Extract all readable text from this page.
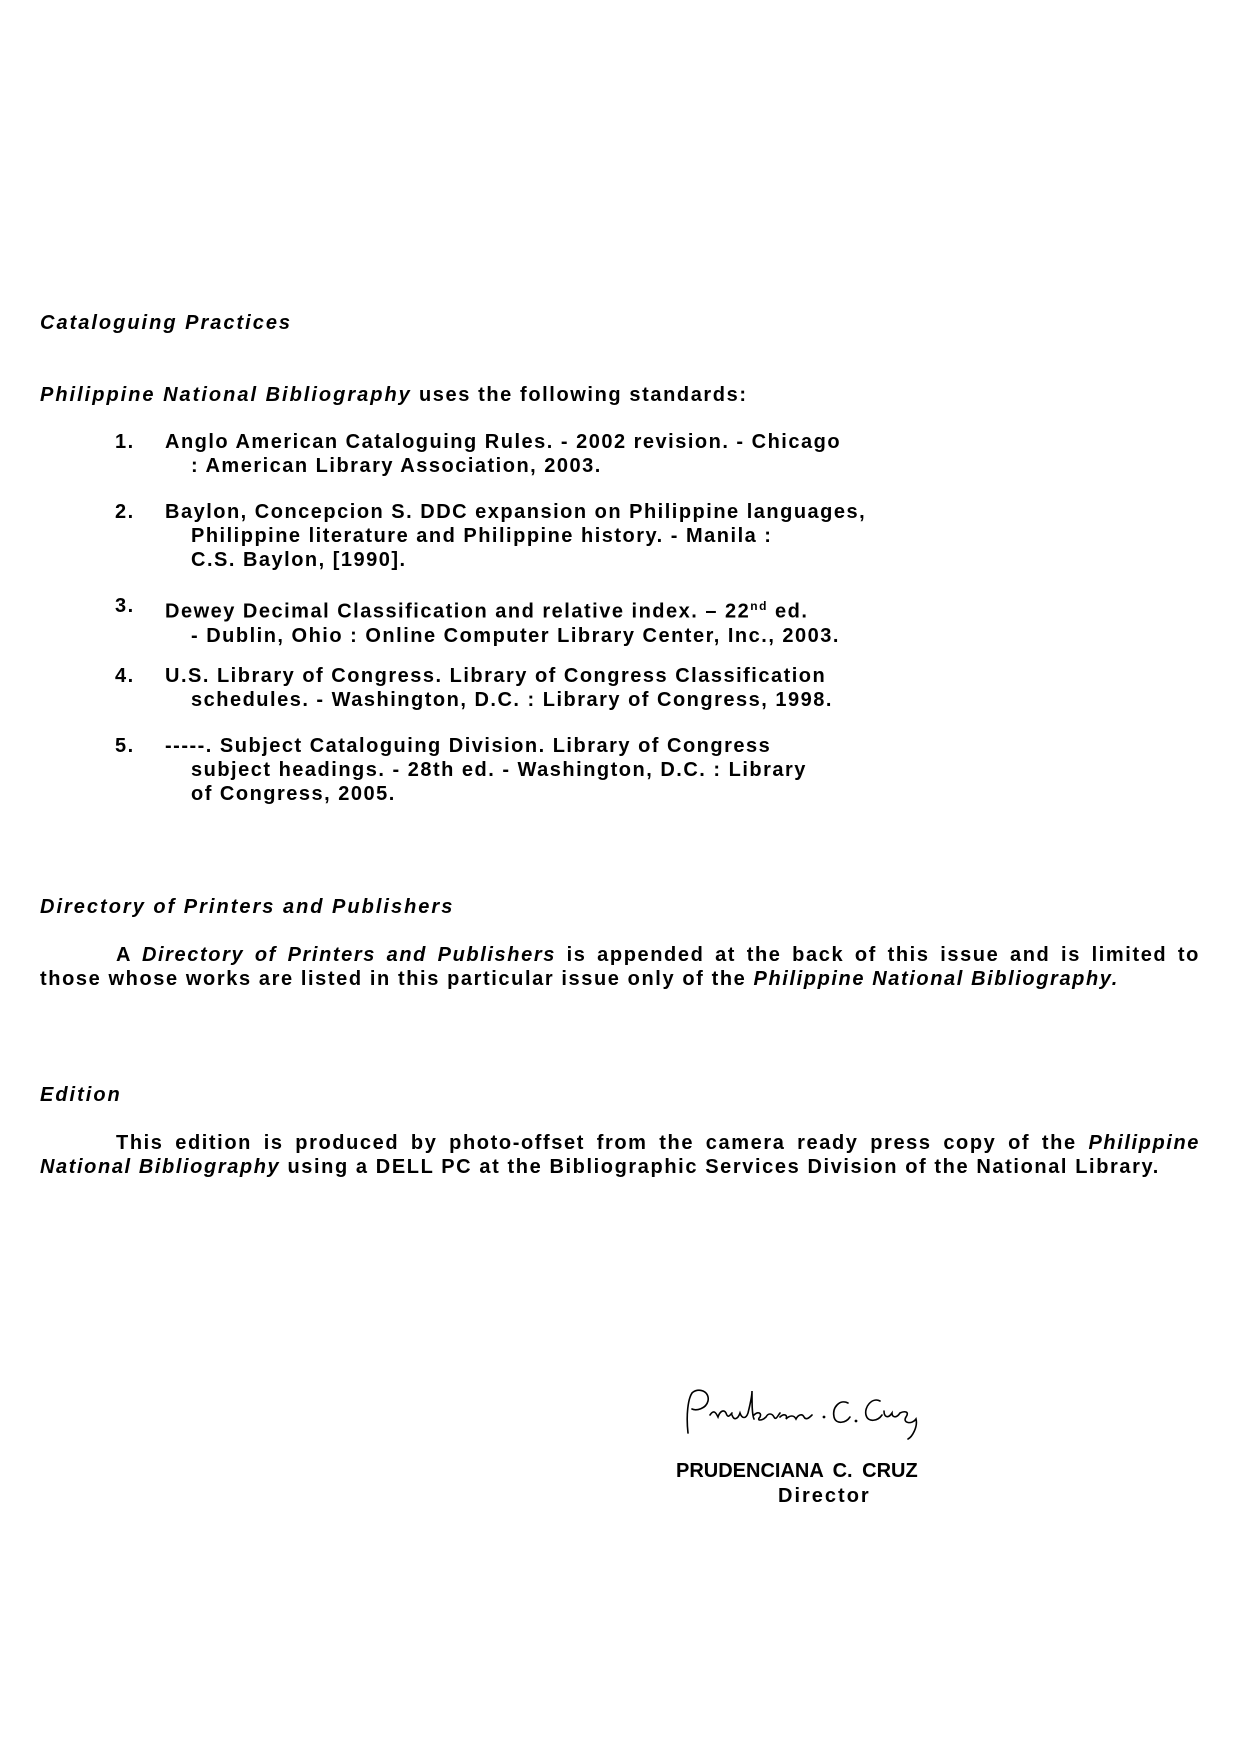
Cataloguing Practices
Philippine National Bibliography uses the following standards:
1. Anglo American Cataloguing Rules. - 2002 revision. - Chicago
: American Library Association, 2003.
2. Baylon, Concepcion S. DDC expansion on Philippine languages,
Philippine literature and Philippine history. - Manila :
C.S. Baylon, [1990].
3. Dewey Decimal Classification and relative index. – 22nd ed.
- Dublin, Ohio : Online Computer Library Center, Inc., 2003.
4. U.S. Library of Congress. Library of Congress Classification
schedules. - Washington, D.C. : Library of Congress, 1998.
5. -----. Subject Cataloguing Division. Library of Congress
subject headings. - 28th ed. - Washington, D.C. : Library
of Congress, 2005.
Directory of Printers and Publishers
A Directory of Printers and Publishers is appended at the back of this issue and is limited to those whose works are listed in this particular issue only of the Philippine National Bibliography.
Edition
This edition is produced by photo-offset from the camera ready press copy of the Philippine National Bibliography using a DELL PC at the Bibliographic Services Division of the National Library.
PRUDENCIANA C. CRUZ
Director
